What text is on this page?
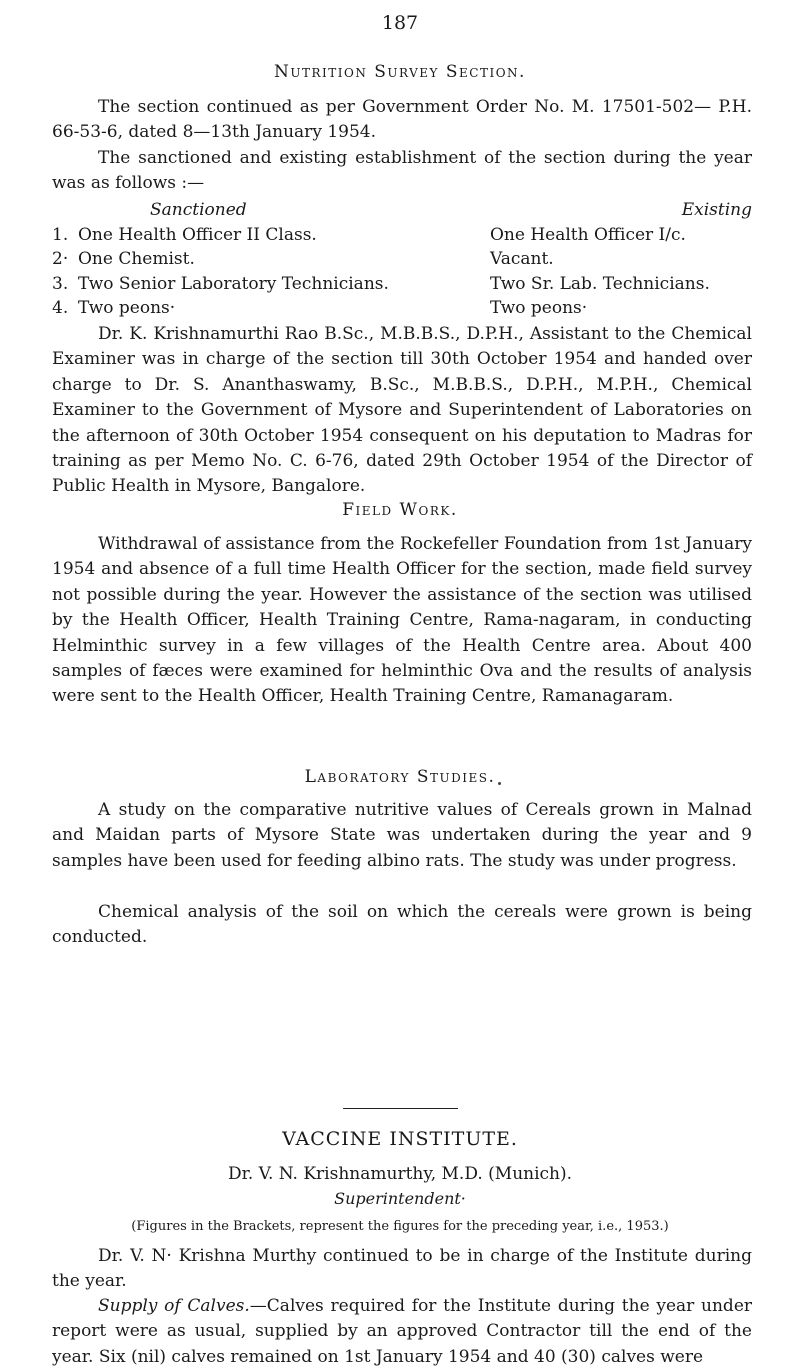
187
Nutrition Survey Section.
The section continued as per Government Order No. M. 17501-502— P.H. 66-53-6, dated 8—13th January 1954.
The sanctioned and existing establishment of the section during the year was as follows :—
Sanctioned	Existing
1. One Health Officer II Class.	One Health Officer I/c.
2· One Chemist.	Vacant.
3. Two Senior Laboratory Technicians.	Two Sr. Lab. Technicians.
4. Two peons·	Two peons·
Dr. K. Krishnamurthi Rao B.Sc., M.B.B.S., D.P.H., Assistant to the Chemical Examiner was in charge of the section till 30th October 1954 and handed over charge to Dr. S. Ananthaswamy, B.Sc., M.B.B.S., D.P.H., M.P.H., Chemical Examiner to the Government of Mysore and Superintendent of Laboratories on the afternoon of 30th October 1954 consequent on his deputation to Madras for training as per Memo No. C. 6-76, dated 29th October 1954 of the Director of Public Health in Mysore, Bangalore.
Field Work.
Withdrawal of assistance from the Rockefeller Foundation from 1st January 1954 and absence of a full time Health Officer for the section, made field survey not possible during the year. However the assistance of the section was utilised by the Health Officer, Health Training Centre, Rama-nagaram, in conducting Helminthic survey in a few villages of the Health Centre area. About 400 samples of fæces were examined for helminthic Ova and the results of analysis were sent to the Health Officer, Health Training Centre, Ramanagaram.
Laboratory Studies.
A study on the comparative nutritive values of Cereals grown in Malnad and Maidan parts of Mysore State was undertaken during the year and 9 samples have been used for feeding albino rats. The study was under progress.
Chemical analysis of the soil on which the cereals were grown is being conducted.
VACCINE INSTITUTE.
Dr. V. N. Krishnamurthy, M.D. (Munich).
Superintendent·
(Figures in the Brackets, represent the figures for the preceding year, i.e., 1953.)
Dr. V. N· Krishna Murthy continued to be in charge of the Institute during the year.
Supply of Calves.—Calves required for the Institute during the year under report were as usual, supplied by an approved Contractor till the end of the year. Six (nil) calves remained on 1st January 1954 and 40 (30) calves were
